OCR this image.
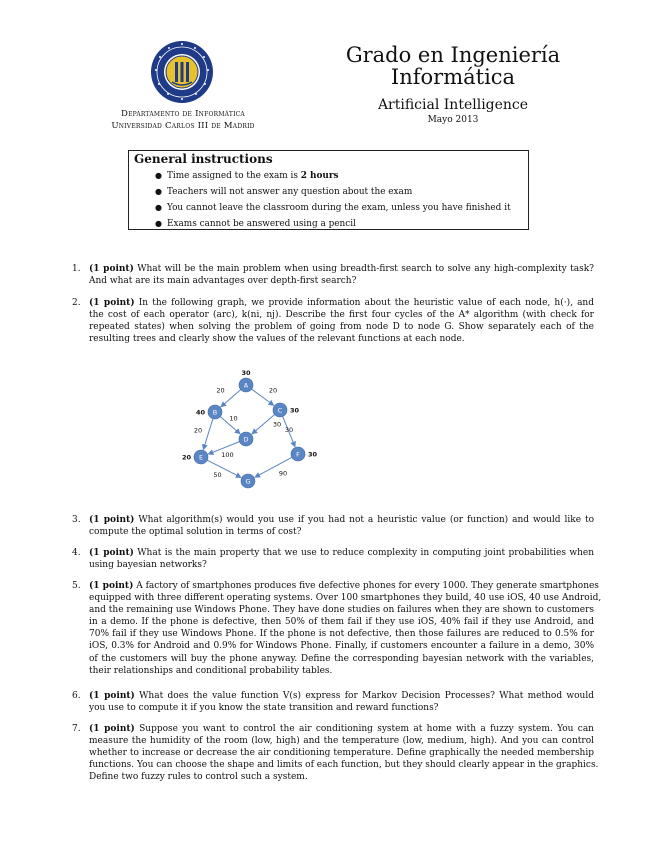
Departamento de Informática
Universidad Carlos III de Madrid
Grado en Ingeniería
Informática
Artificial Intelligence
Mayo 2013
General instructions
● Time assigned to the exam is 2 hours
● Teachers will not answer any question about the exam
● You cannot leave the classroom during the exam, unless you have finished it
● Exams cannot be answered using a pencil
1. (1 point) What will be the main problem when using breadth-first search to solve any high-complexity task?
And what are its main advantages over depth-first search?
2. (1 point) In the following graph, we provide information about the heuristic value of each node, h(·), and
the cost of each operator (arc), k(ni, nj). Describe the first four cycles of the A* algorithm (with check for
repeated states) when solving the problem of going from node D to node G. Show separately each of the
resulting trees and clearly show the values of the relevant functions at each node.
20	20
10
30
20	30
100
50	90
A
30
B
40	C 30
D
E
20	F 30
G
3. (1 point) What algorithm(s) would you use if you had not a heuristic value (or function) and would like to
compute the optimal solution in terms of cost?
4. (1 point) What is the main property that we use to reduce complexity in computing joint probabilities when
using bayesian networks?
5. (1 point) A factory of smartphones produces five defective phones for every 1000. They generate smartphones
equipped with three different operating systems. Over 100 smartphones they build, 40 use iOS, 40 use Android,
and the remaining use Windows Phone. They have done studies on failures when they are shown to customers
in a demo. If the phone is defective, then 50% of them fail if they use iOS, 40% fail if they use Android, and
70% fail if they use Windows Phone. If the phone is not defective, then those failures are reduced to 0.5% for
iOS, 0.3% for Android and 0.9% for Windows Phone. Finally, if customers encounter a failure in a demo, 30%
of the customers will buy the phone anyway. Define the corresponding bayesian network with the variables,
their relationships and conditional probability tables.
6. (1 point) What does the value function V(s) express for Markov Decision Processes? What method would
you use to compute it if you know the state transition and reward functions?
7. (1 point) Suppose you want to control the air conditioning system at home with a fuzzy system. You can
measure the humidity of the room (low, high) and the temperature (low, medium, high). And you can control
whether to increase or decrease the air conditioning temperature. Define graphically the needed membership
functions. You can choose the shape and limits of each function, but they should clearly appear in the graphics.
Define two fuzzy rules to control such a system.
